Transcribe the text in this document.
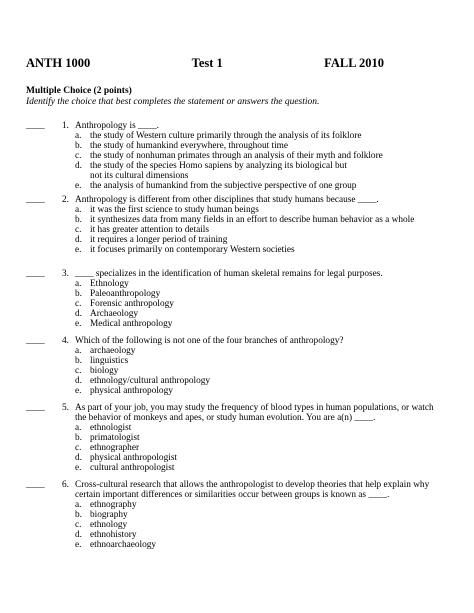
ANTH 1000	Test 1	FALL 2010
Multiple Choice (2 points)
Identify the choice that best completes the statement or answers the question.
____ 1. Anthropology is ____.
a. the study of Western culture primarily through the analysis of its folklore
b. the study of humankind everywhere, throughout time
c. the study of nonhuman primates through an analysis of their myth and folklore
d. the study of the species Homo sapiens by analyzing its biological but not its cultural dimensions
e. the analysis of humankind from the subjective perspective of one group
____ 2. Anthropology is different from other disciplines that study humans because ____.
a. it was the first science to study human beings
b. it synthesizes data from many fields in an effort to describe human behavior as a whole
c. it has greater attention to details
d. it requires a longer period of training
e. it focuses primarily on contemporary Western societies
____ 3. ____ specializes in the identification of human skeletal remains for legal purposes.
a. Ethnology
b. Paleoanthropology
c. Forensic anthropology
d. Archaeology
e. Medical anthropology
____ 4. Which of the following is not one of the four branches of anthropology?
a. archaeology
b. linguistics
c. biology
d. ethnology/cultural anthropology
e. physical anthropology
____ 5. As part of your job, you may study the frequency of blood types in human populations, or watch the behavior of monkeys and apes, or study human evolution. You are a(n) ____.
a. ethnologist
b. primatologist
c. ethnographer
d. physical anthropologist
e. cultural anthropologist
____ 6. Cross-cultural research that allows the anthropologist to develop theories that help explain why certain important differences or similarities occur between groups is known as ____.
a. ethnography
b. biography
c. ethnology
d. ethnohistory
e. ethnoarchaeology
